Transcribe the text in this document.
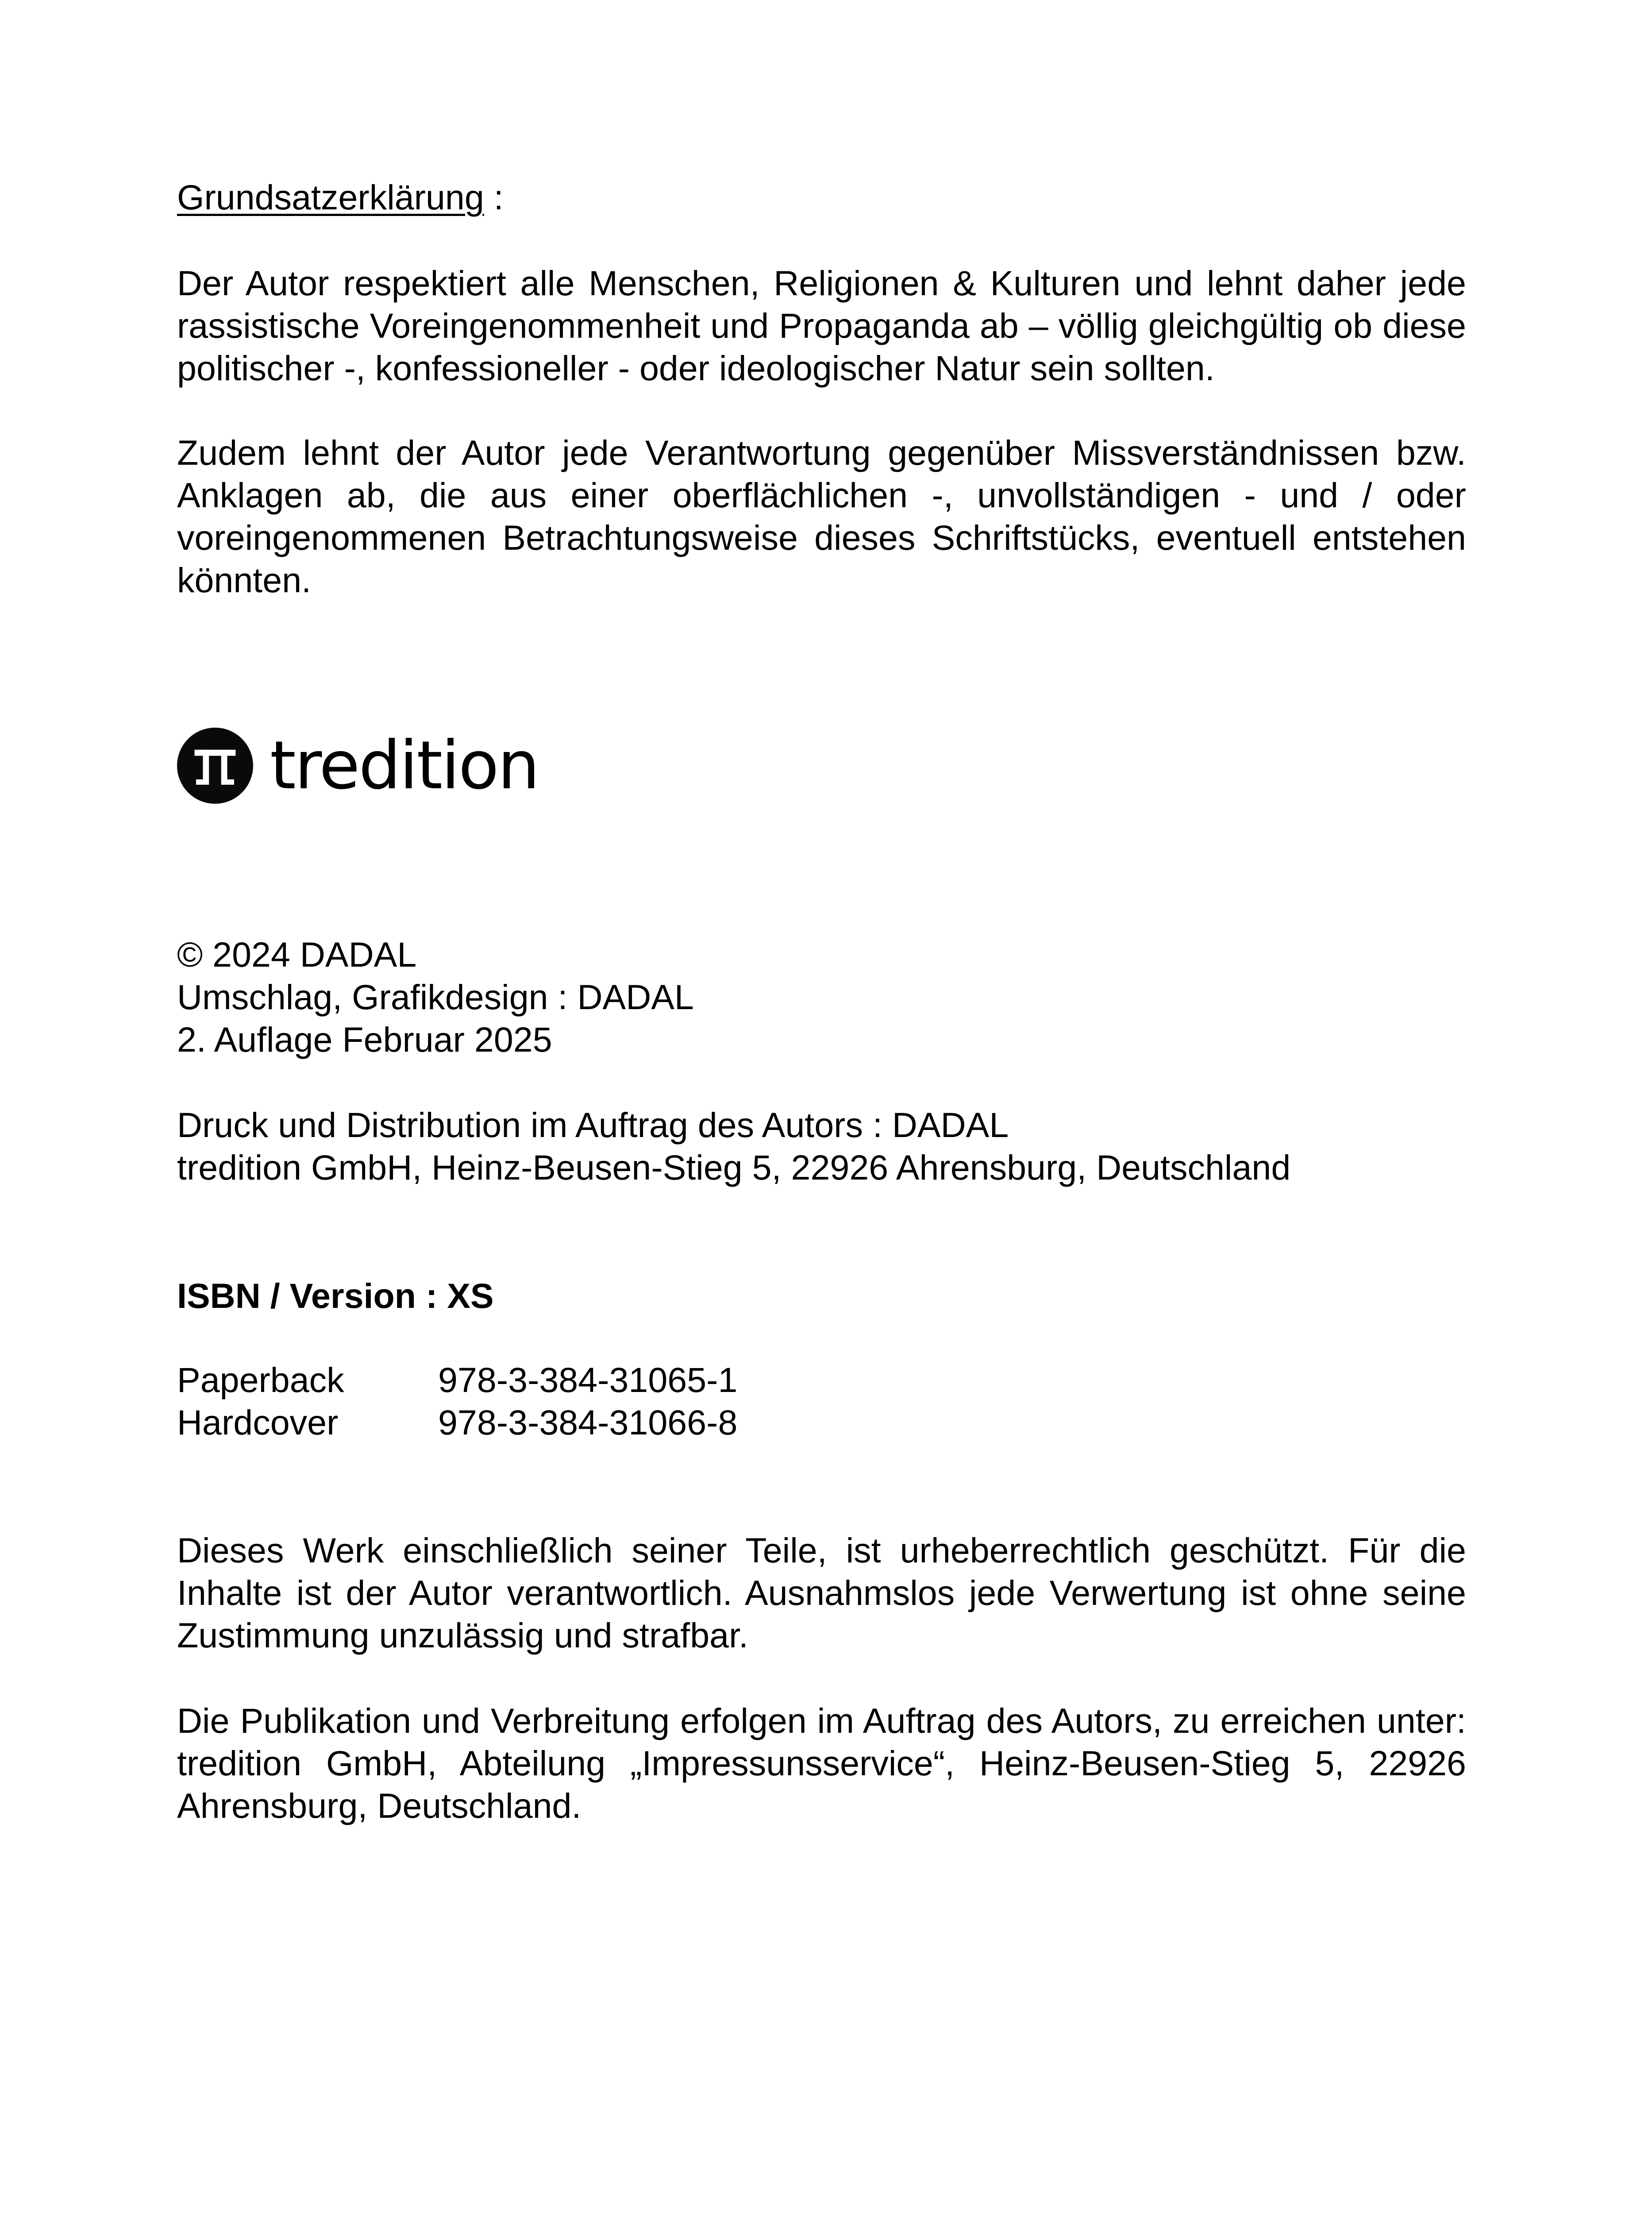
Grundsatzerklärung :
Der Autor respektiert alle Menschen, Religionen & Kulturen und lehnt daher jede rassistische Voreingenommenheit und Propaganda ab – völlig gleichgültig ob diese politischer -, konfessioneller - oder ideologischer Natur sein sollten.
Zudem lehnt der Autor jede Verantwortung gegenüber Missverständnissen bzw. Anklagen ab, die aus einer oberflächlichen -, unvollständigen - und / oder voreingenommenen Betrachtungsweise dieses Schriftstücks, eventuell entstehen könnten.
tredition
© 2024 DADAL
Umschlag, Grafikdesign : DADAL
2. Auflage Februar 2025
Druck und Distribution im Auftrag des Autors : DADAL
tredition GmbH, Heinz-Beusen-Stieg 5, 22926 Ahrensburg, Deutschland
ISBN / Version : XS
Paperback	978-3-384-31065-1
Hardcover	978-3-384-31066-8
Dieses Werk einschließlich seiner Teile, ist urheberrechtlich geschützt. Für die Inhalte ist der Autor verantwortlich. Ausnahmslos jede Verwertung ist ohne seine Zustimmung unzulässig und strafbar.
Die Publikation und Verbreitung erfolgen im Auftrag des Autors, zu erreichen unter: tredition GmbH, Abteilung „Impressunsservice“, Heinz-Beusen-Stieg 5, 22926 Ahrensburg, Deutschland.
